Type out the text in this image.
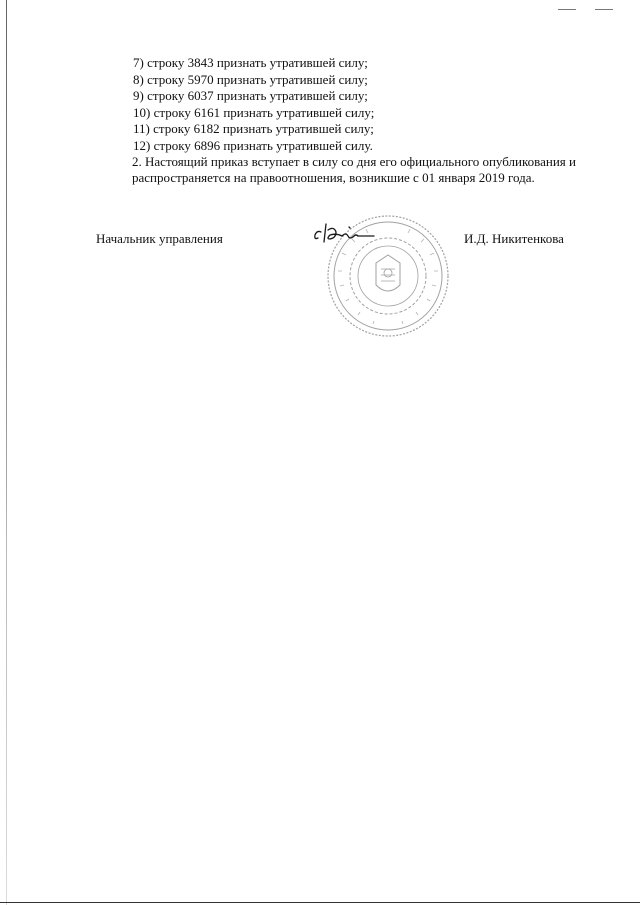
7) строку 3843 признать утратившей силу;
8) строку 5970 признать утратившей силу;
9) строку 6037 признать утратившей силу;
10) строку 6161 признать утратившей силу;
11) строку 6182 признать утратившей силу;
12) строку 6896 признать утратившей силу.
2. Настоящий приказ вступает в силу со дня его официального опубликования и распространяется на правоотношения, возникшие с 01 января 2019 года.
Начальник управления	И.Д. Никитенкова
